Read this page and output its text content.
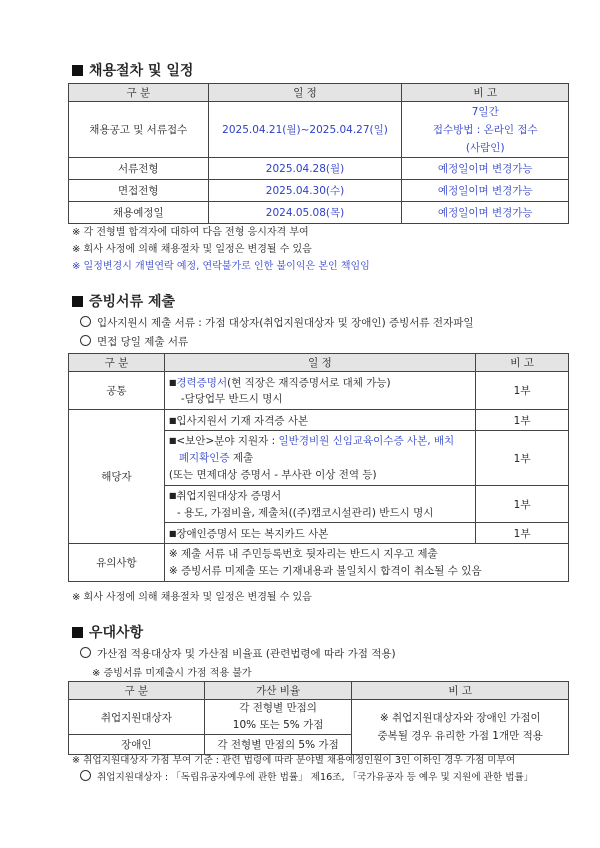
채용절차 및 일정
구 분	일 정	비 고
채용공고 및 서류접수	2025.04.21(월)~2025.04.27(일)	7일간
접수방법 : 온라인 접수
(사람인)

서류전형	2025.04.28(월)	예정일이며 변경가능
면접전형	2025.04.30(수)	예정일이며 변경가능
채용예정일	2024.05.08(목)	예정일이며 변경가능
※ 각 전형별 합격자에 대하여 다음 전형 응시자격 부여
※ 회사 사정에 의해 채용절차 및 일정은 변경될 수 있음
※ 일정변경시 개별연락 예정, 연락불가로 인한 불이익은 본인 책임임
증빙서류 제출
입사지원시 제출 서류 : 가점 대상자(취업지원대상자 및 장애인) 증빙서류 전자파일
면접 당일 제출 서류
구 분	일 정	비 고
공통	■경력증명서(현 직장은 재직증명서로 대체 가능)
-담당업무 반드시 명시	1부
해당자	■입사지원서 기재 자격증 사본	1부

	■<보안>분야 지원자 : 일반경비원 신임교육이수증 사본, 배치
폐지확인증 제출
(또는 면제대상 증명서 - 부사관 이상 전역 등)	1부

	■취업지원대상자 증명서
- 용도, 가점비율, 제출처((주)캠코시설관리) 반드시 명시	1부
	■장애인증명서 또는 복지카드 사본	1부
유의사항	※ 제출 서류 내 주민등록번호 뒷자리는 반드시 지우고 제출
※ 증빙서류 미제출 또는 기재내용과 불일치시 합격이 취소될 수 있음	
※ 회사 사정에 의해 채용절차 및 일정은 변경될 수 있음
우대사항
가산점 적용대상자 및 가산점 비율표 (관련법령에 따라 가점 적용)
※ 증빙서류 미제출시 가점 적용 불가
구 분	가산 비율	비 고
취업지원대상자	각 전형별 만점의
10% 또는 5% 가점	※ 취업지원대상자와 장애인 가점이
중복될 경우 유리한 가점 1개만 적용

장애인	각 전형별 만점의 5% 가점	
※ 취업지원대상자 가점 부여 기준 : 관련 법령에 따라 분야별 채용예정인원이 3인 이하인 경우 가점 미부여
취업지원대상자 : 「독립유공자예우에 관한 법률」 제16조, 「국가유공자 등 예우 및 지원에 관한 법률」
